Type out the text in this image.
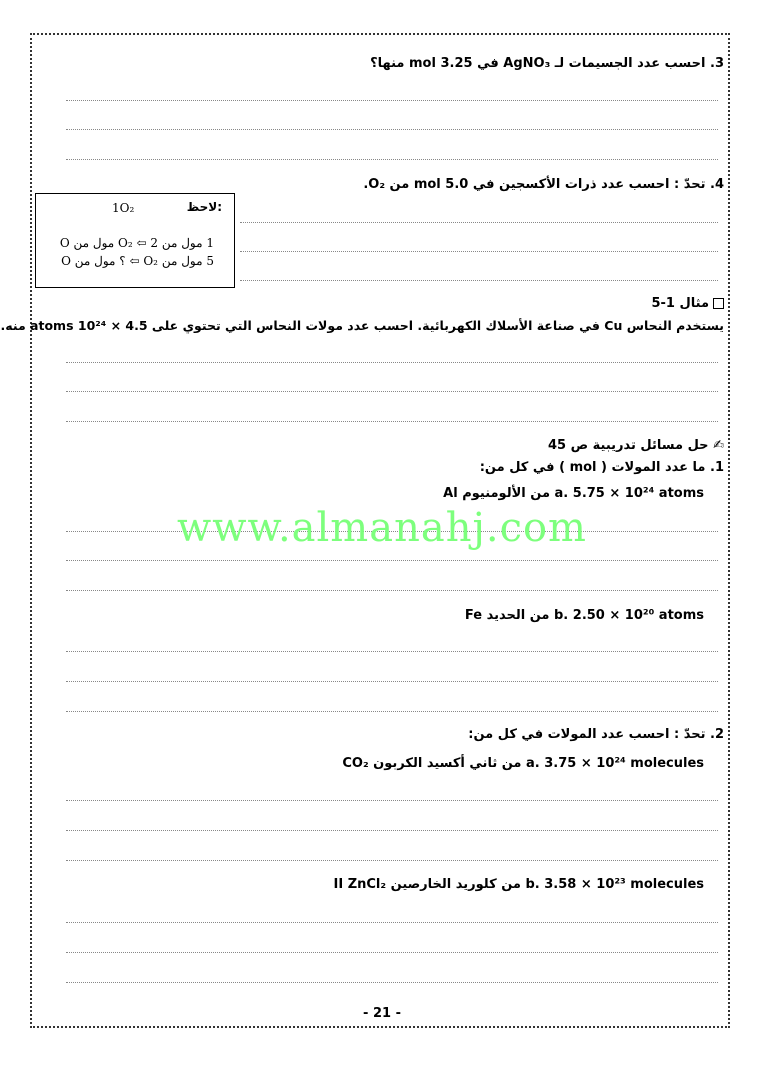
3. احسب عدد الجسيمات لـ AgNO₃ في 3.25 mol منها؟
4. تحدّ : احسب عدد ذرات الأكسجين في 5.0 mol من O₂.
لاحظ:
1O₂
1 مول من O₂ ⇦ 2 مول من O
5 مول من O₂ ⇦ ؟ مول من O
مثال 1-5
يستخدم النحاس Cu في صناعة الأسلاك الكهربائية. احسب عدد مولات النحاس التي تحتوي على 4.5 × 10²⁴ atoms منه.
✍ حل مسائل تدريبية ص 45
1. ما عدد المولات ( mol ) في كل من:
a. 5.75 × 10²⁴ atoms من الألومنيوم Al
b. 2.50 × 10²⁰ atoms من الحديد Fe
2. تحدّ : احسب عدد المولات في كل من:
a. 3.75 × 10²⁴ molecules من ثاني أكسيد الكربون CO₂
b. 3.58 × 10²³ molecules من كلوريد الخارصين II ZnCl₂
www.almanahj.com
- 21 -
